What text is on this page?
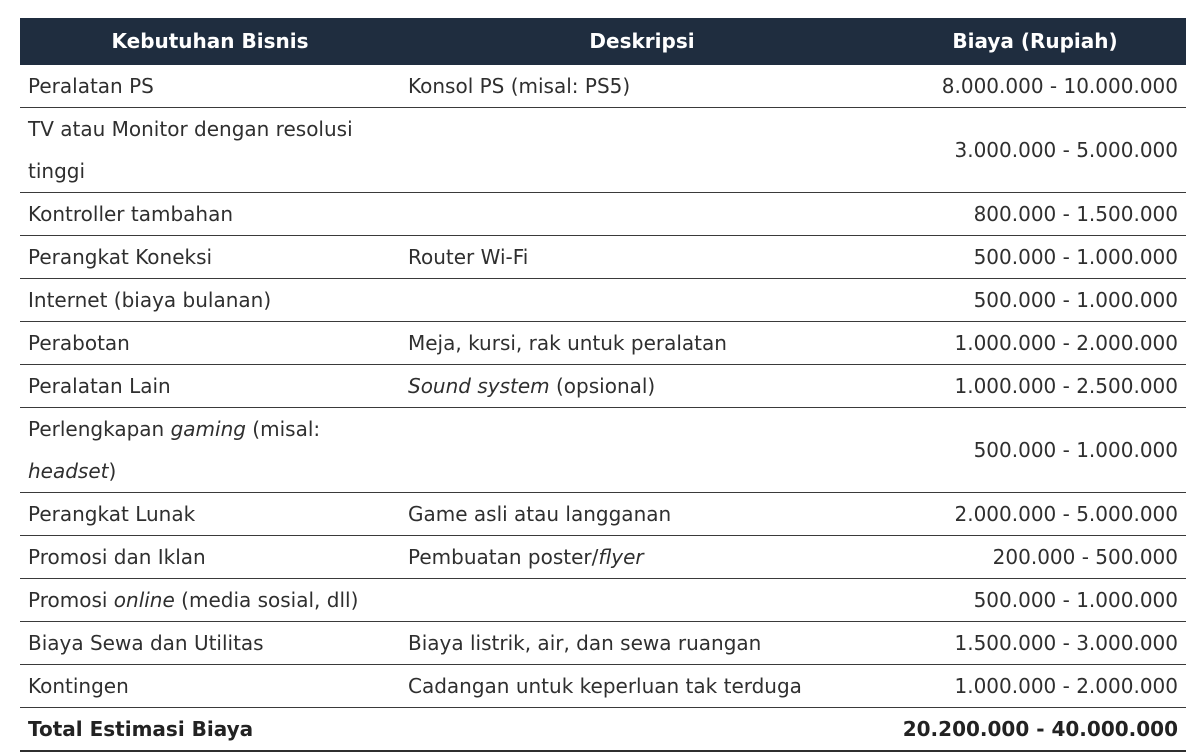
Kebutuhan Bisnis	Deskripsi	Biaya (Rupiah)
Peralatan PS	Konsol PS (misal: PS5)	8.000.000 - 10.000.000
TV atau Monitor dengan resolusi tinggi		3.000.000 - 5.000.000
Kontroller tambahan		800.000 - 1.500.000
Perangkat Koneksi	Router Wi-Fi	500.000 - 1.000.000
Internet (biaya bulanan)		500.000 - 1.000.000
Perabotan	Meja, kursi, rak untuk peralatan	1.000.000 - 2.000.000
Peralatan Lain	Sound system (opsional)	1.000.000 - 2.500.000
Perlengkapan gaming (misal: headset)		500.000 - 1.000.000
Perangkat Lunak	Game asli atau langganan	2.000.000 - 5.000.000
Promosi dan Iklan	Pembuatan poster/flyer	200.000 - 500.000
Promosi online (media sosial, dll)		500.000 - 1.000.000
Biaya Sewa dan Utilitas	Biaya listrik, air, dan sewa ruangan	1.500.000 - 3.000.000
Kontingen	Cadangan untuk keperluan tak terduga	1.000.000 - 2.000.000
Total Estimasi Biaya		20.200.000 - 40.000.000
